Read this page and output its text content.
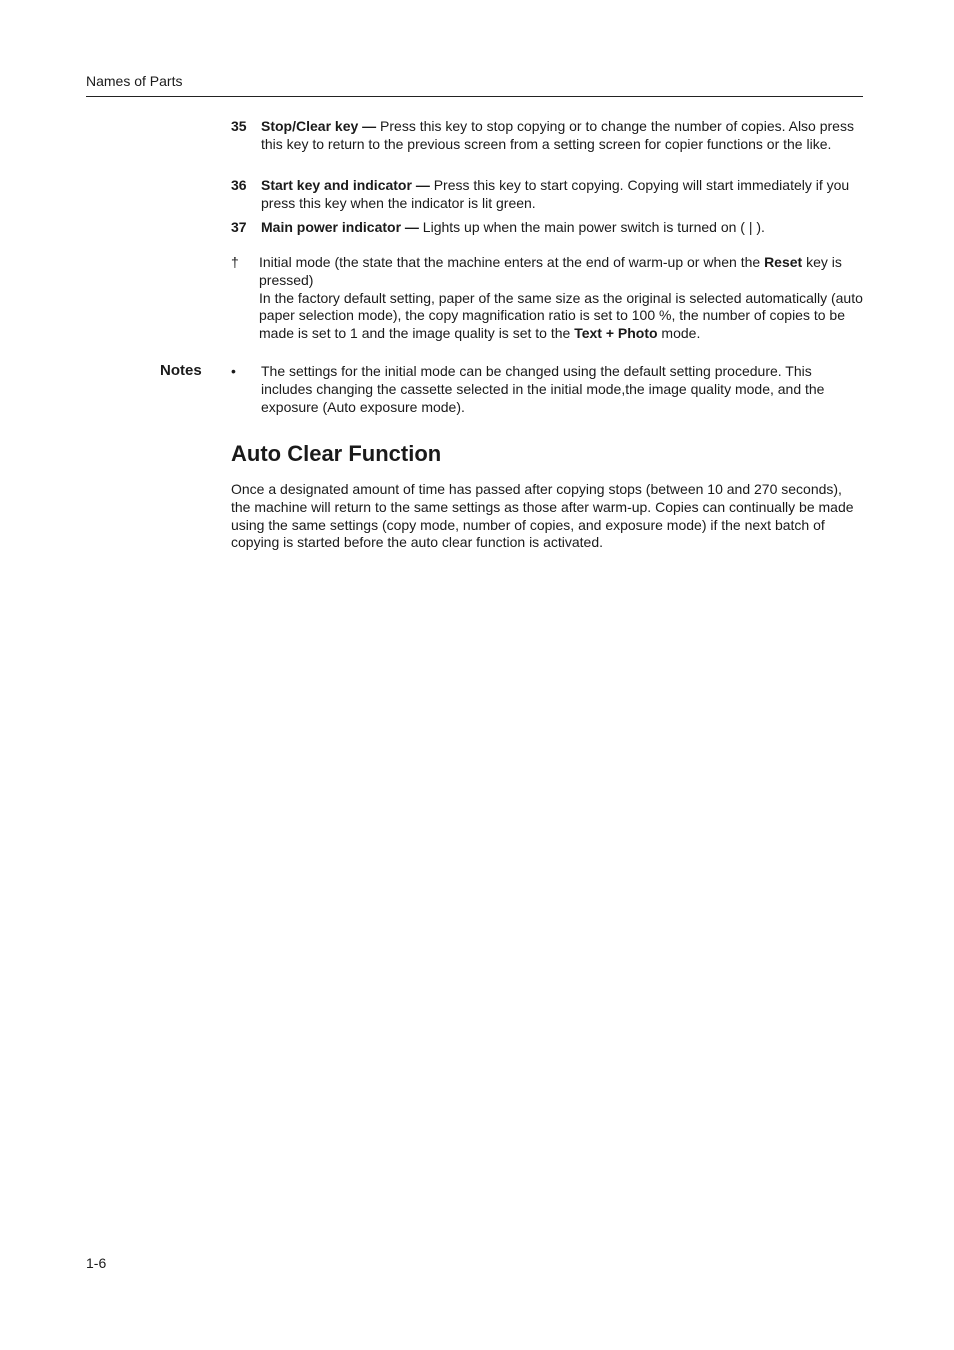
Names of Parts
35 Stop/Clear key — Press this key to stop copying or to change the number of copies. Also press this key to return to the previous screen from a setting screen for copier functions or the like.
36 Start key and indicator — Press this key to start copying. Copying will start immediately if you press this key when the indicator is lit green.
37 Main power indicator — Lights up when the main power switch is turned on ( | ).
† Initial mode (the state that the machine enters at the end of warm-up or when the Reset key is pressed)
In the factory default setting, paper of the same size as the original is selected automatically (auto paper selection mode), the copy magnification ratio is set to 100 %, the number of copies to be made is set to 1 and the image quality is set to the Text + Photo mode.
Notes • The settings for the initial mode can be changed using the default setting procedure. This includes changing the cassette selected in the initial mode,the image quality mode, and the exposure (Auto exposure mode).
Auto Clear Function

Once a designated amount of time has passed after copying stops (between 10 and 270 seconds), the machine will return to the same settings as those after warm-up. Copies can continually be made using the same settings (copy mode, number of copies, and exposure mode) if the next batch of copying is started before the auto clear function is activated.

1-6
